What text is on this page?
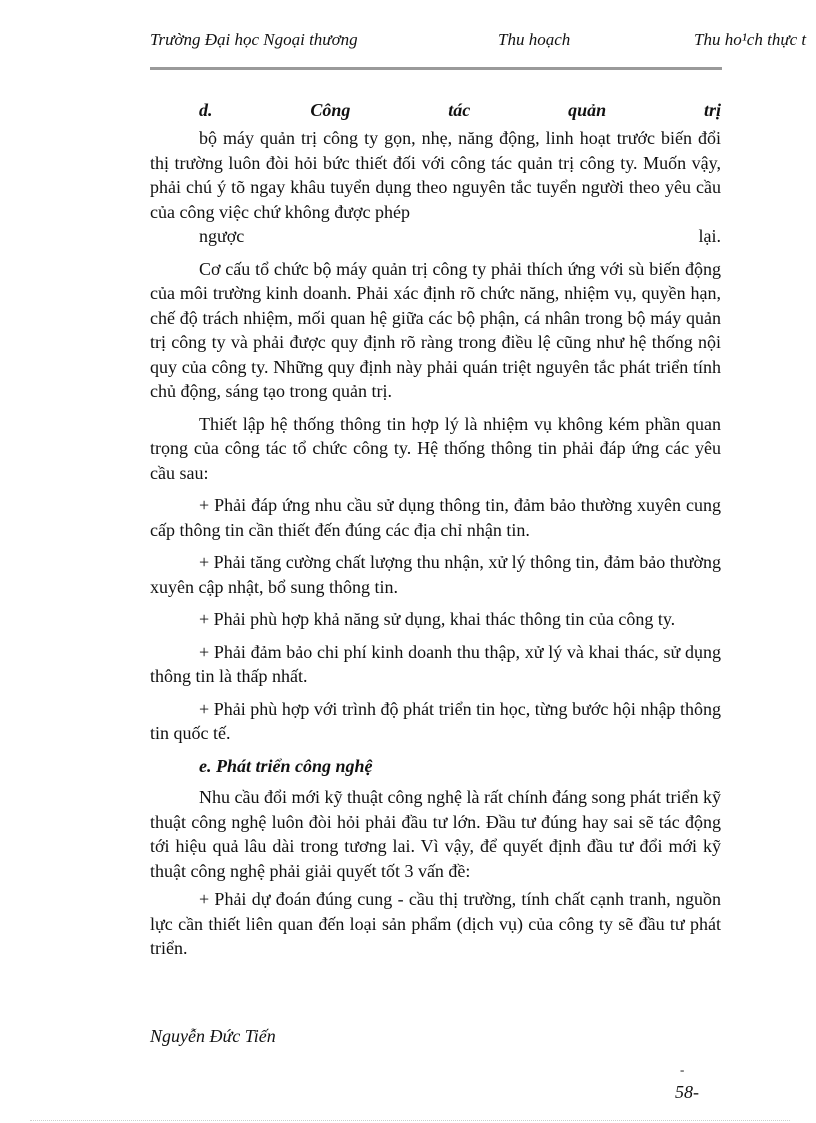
Trường Đại học Ngoại thương	Thu hoạch	Thu ho¹ch thực t
d.	Công	tác	quản	trị

bộ máy quản trị công ty gọn, nhẹ, năng động, linh hoạt trước biến đổi thị trường luôn đòi hỏi bức thiết đối với công tác quản trị công ty. Muốn vậy, phải chú ý tõ ngay khâu tuyển dụng theo nguyên tắc tuyển người theo yêu cầu của công việc chứ không được phép
ngược	lại.

Cơ cấu tổ chức bộ máy quản trị công ty phải thích ứng với sù biến động của môi trường kinh doanh. Phải xác định rõ chức năng, nhiệm vụ, quyền hạn, chế độ trách nhiệm, mối quan hệ giữa các bộ phận, cá nhân trong bộ máy quản trị công ty và phải được quy định rõ ràng trong điều lệ cũng như hệ thống nội quy của công ty. Những quy định này phải quán triệt nguyên tắc phát triển tính chủ động, sáng tạo trong quản trị.

Thiết lập hệ thống thông tin hợp lý là nhiệm vụ không kém phần quan trọng của công tác tổ chức công ty. Hệ thống thông tin phải đáp ứng các yêu cầu sau:

+ Phải đáp ứng nhu cầu sử dụng thông tin, đảm bảo thường xuyên cung cấp thông tin cần thiết đến đúng các địa chỉ nhận tin.

+ Phải tăng cường chất lượng thu nhận, xử lý thông tin, đảm bảo thường xuyên cập nhật, bổ sung thông tin.

+ Phải phù hợp khả năng sử dụng, khai thác thông tin của công ty.

+ Phải đảm bảo chi phí kinh doanh thu thập, xử lý và khai thác, sử dụng thông tin là thấp nhất.

+ Phải phù hợp với trình độ phát triển tin học, từng bước hội nhập thông tin quốc tế.

e. Phát triển công nghệ

Nhu cầu đổi mới kỹ thuật công nghệ là rất chính đáng song phát triển kỹ thuật công nghệ luôn đòi hỏi phải đầu tư lớn. Đầu tư đúng hay sai sẽ tác động tới hiệu quả lâu dài trong tương lai. Vì vậy, để quyết định đầu tư đổi mới kỹ thuật công nghệ phải giải quyết tốt 3 vấn đề:

+ Phải dự đoán đúng cung - cầu thị trường, tính chất cạnh tranh, nguồn lực cần thiết liên quan đến loại sản phẩm (dịch vụ) của công ty sẽ đầu tư phát triển.

Nguyễn Đức Tiến
-
58-
